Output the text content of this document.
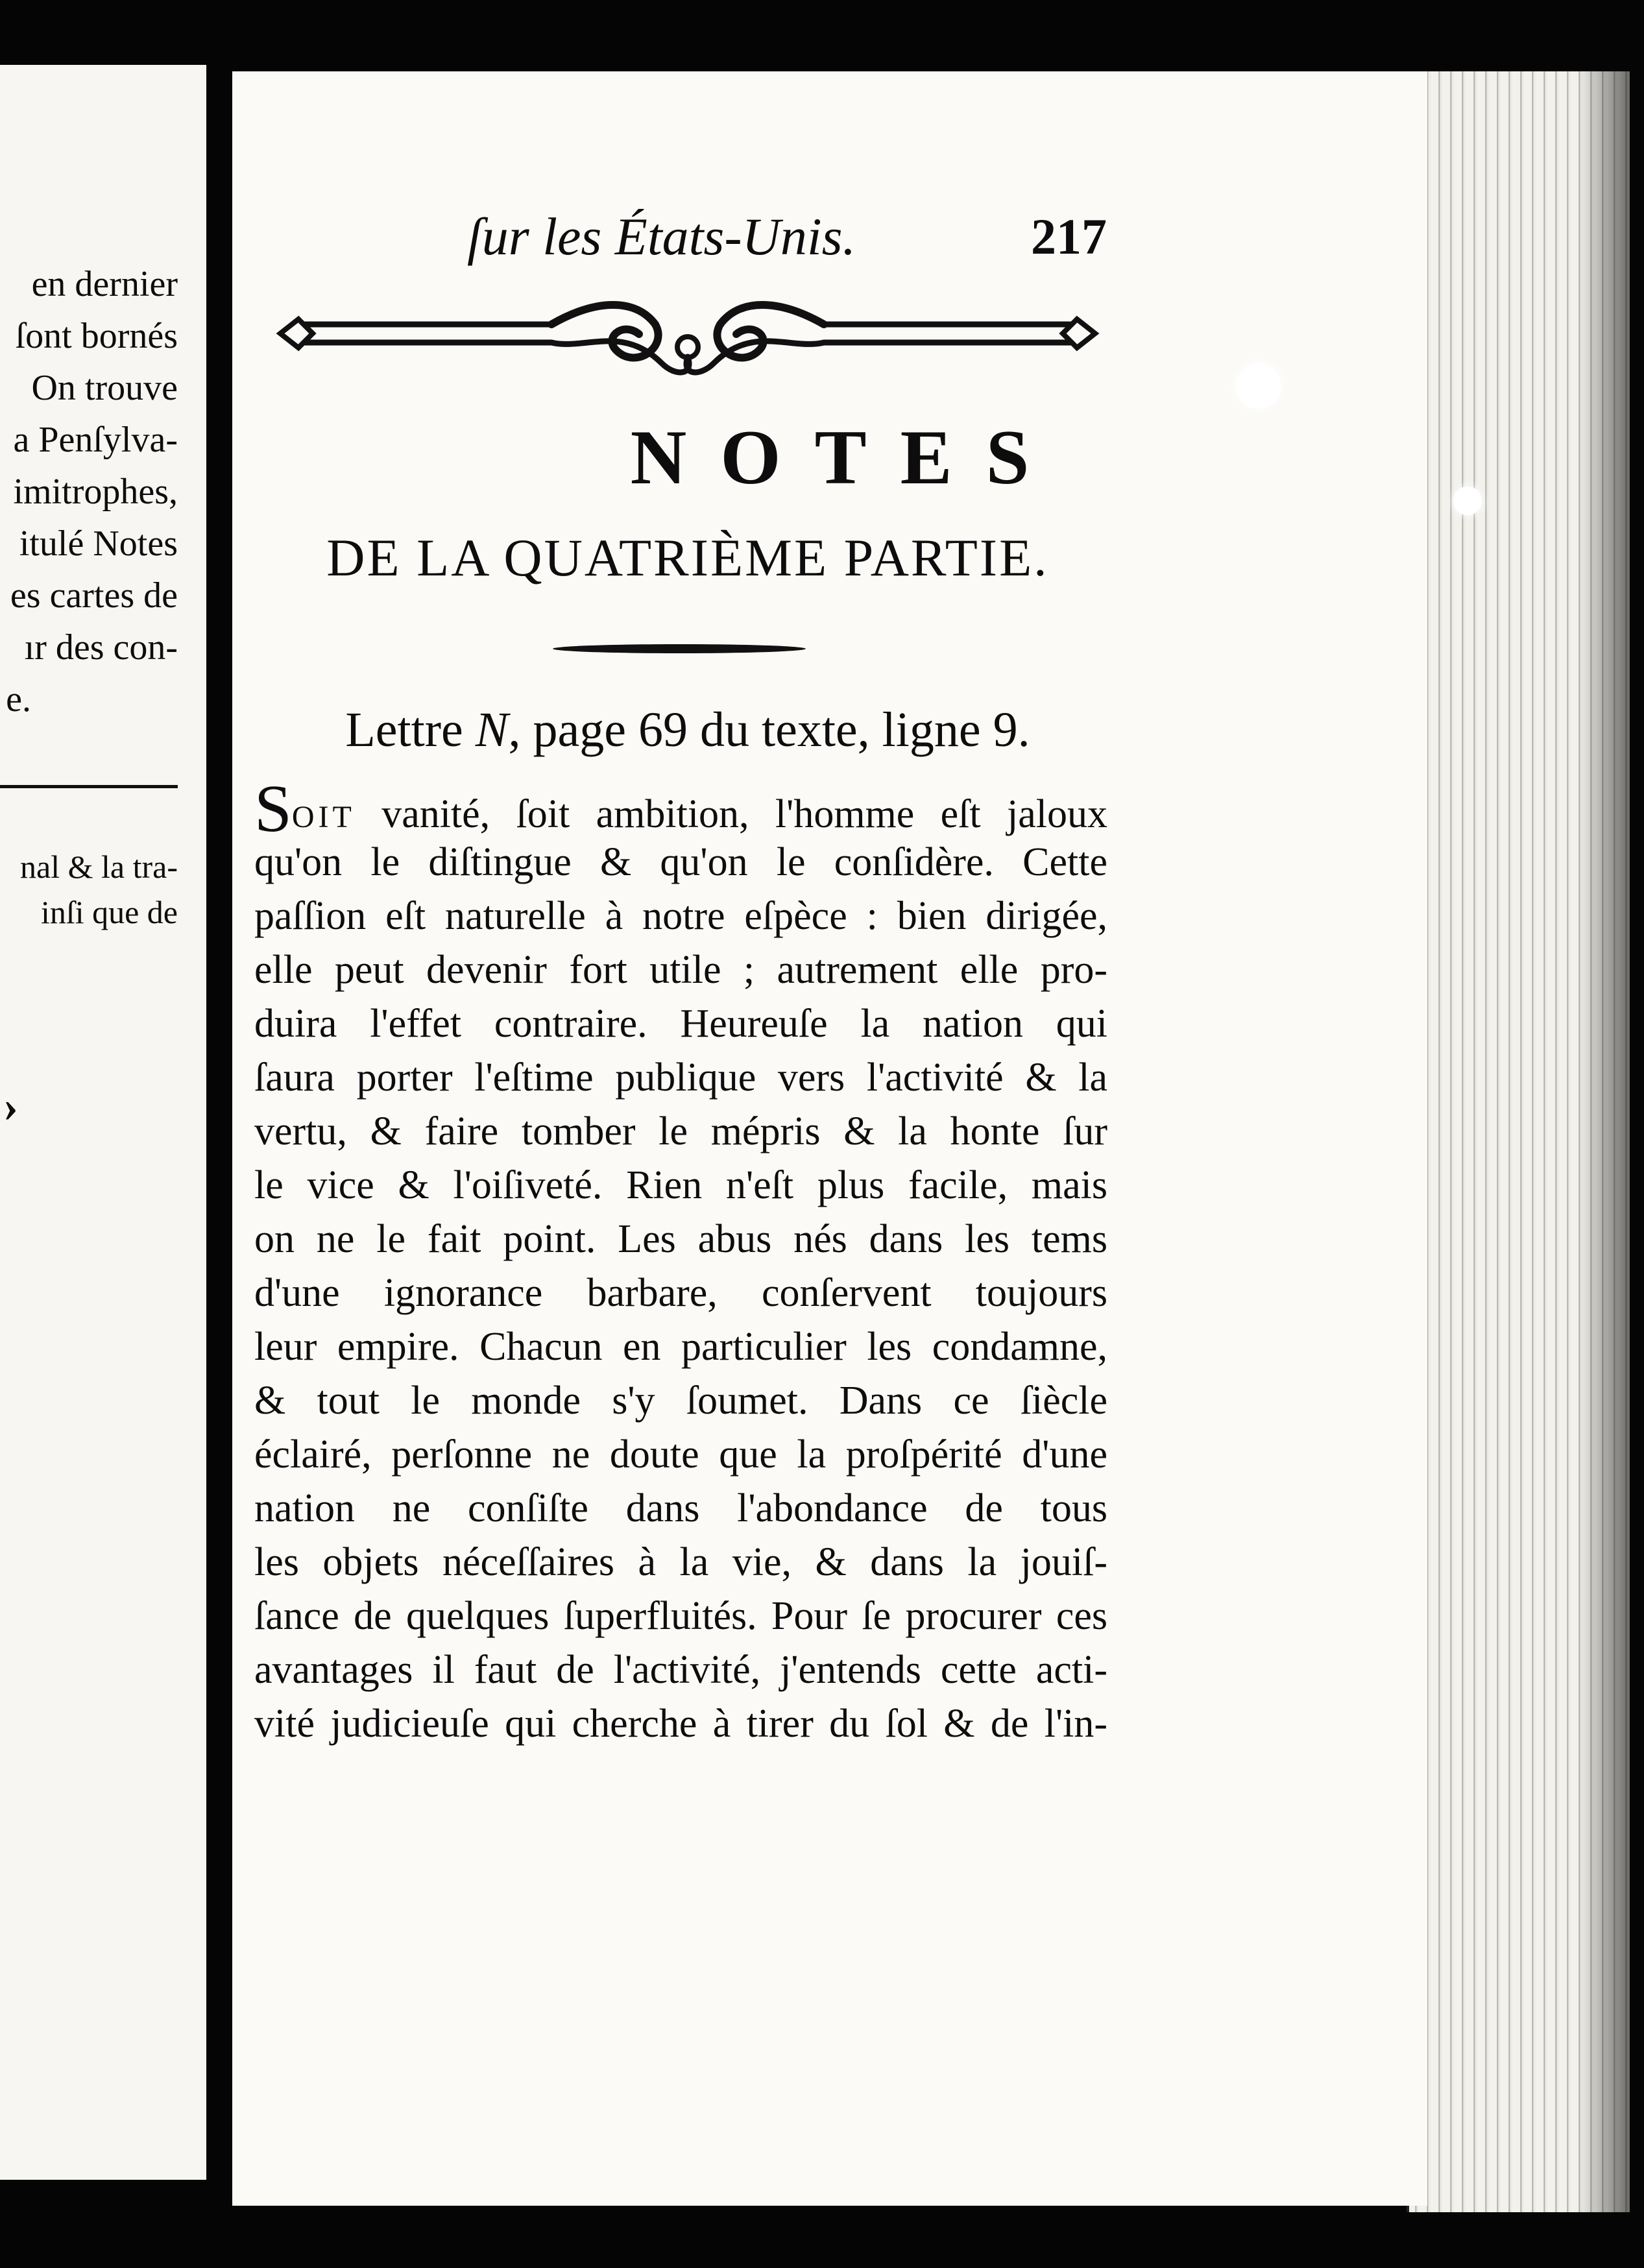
en dernier
ſont bornés
On trouve
a Penſylva-
imitrophes,
itulé Notes
es cartes de
ır des con-
e.
nal & la tra-
inſi que de
›
ſur les États-Unis.	217
NOTES
DE LA QUATRIÈME PARTIE.
Lettre N, page 69 du texte, ligne 9.
SOIT vanité, ſoit ambition, l'homme eſt jaloux
qu'on le diſtingue & qu'on le conſidère. Cette
paſſion eſt naturelle à notre eſpèce : bien dirigée,
elle peut devenir fort utile ; autrement elle pro-
duira l'effet contraire. Heureuſe la nation qui
ſaura porter l'eſtime publique vers l'activité & la
vertu, & faire tomber le mépris & la honte ſur
le vice & l'oiſiveté. Rien n'eſt plus facile, mais
on ne le fait point. Les abus nés dans les tems
d'une ignorance barbare, conſervent toujours
leur empire. Chacun en particulier les condamne,
& tout le monde s'y ſoumet. Dans ce ſiècle
éclairé, perſonne ne doute que la proſpérité d'une
nation ne conſiſte dans l'abondance de tous
les objets néceſſaires à la vie, & dans la jouiſ-
ſance de quelques ſuperfluités. Pour ſe procurer ces
avantages il faut de l'activité, j'entends cette acti-
vité judicieuſe qui cherche à tirer du ſol & de l'in-
